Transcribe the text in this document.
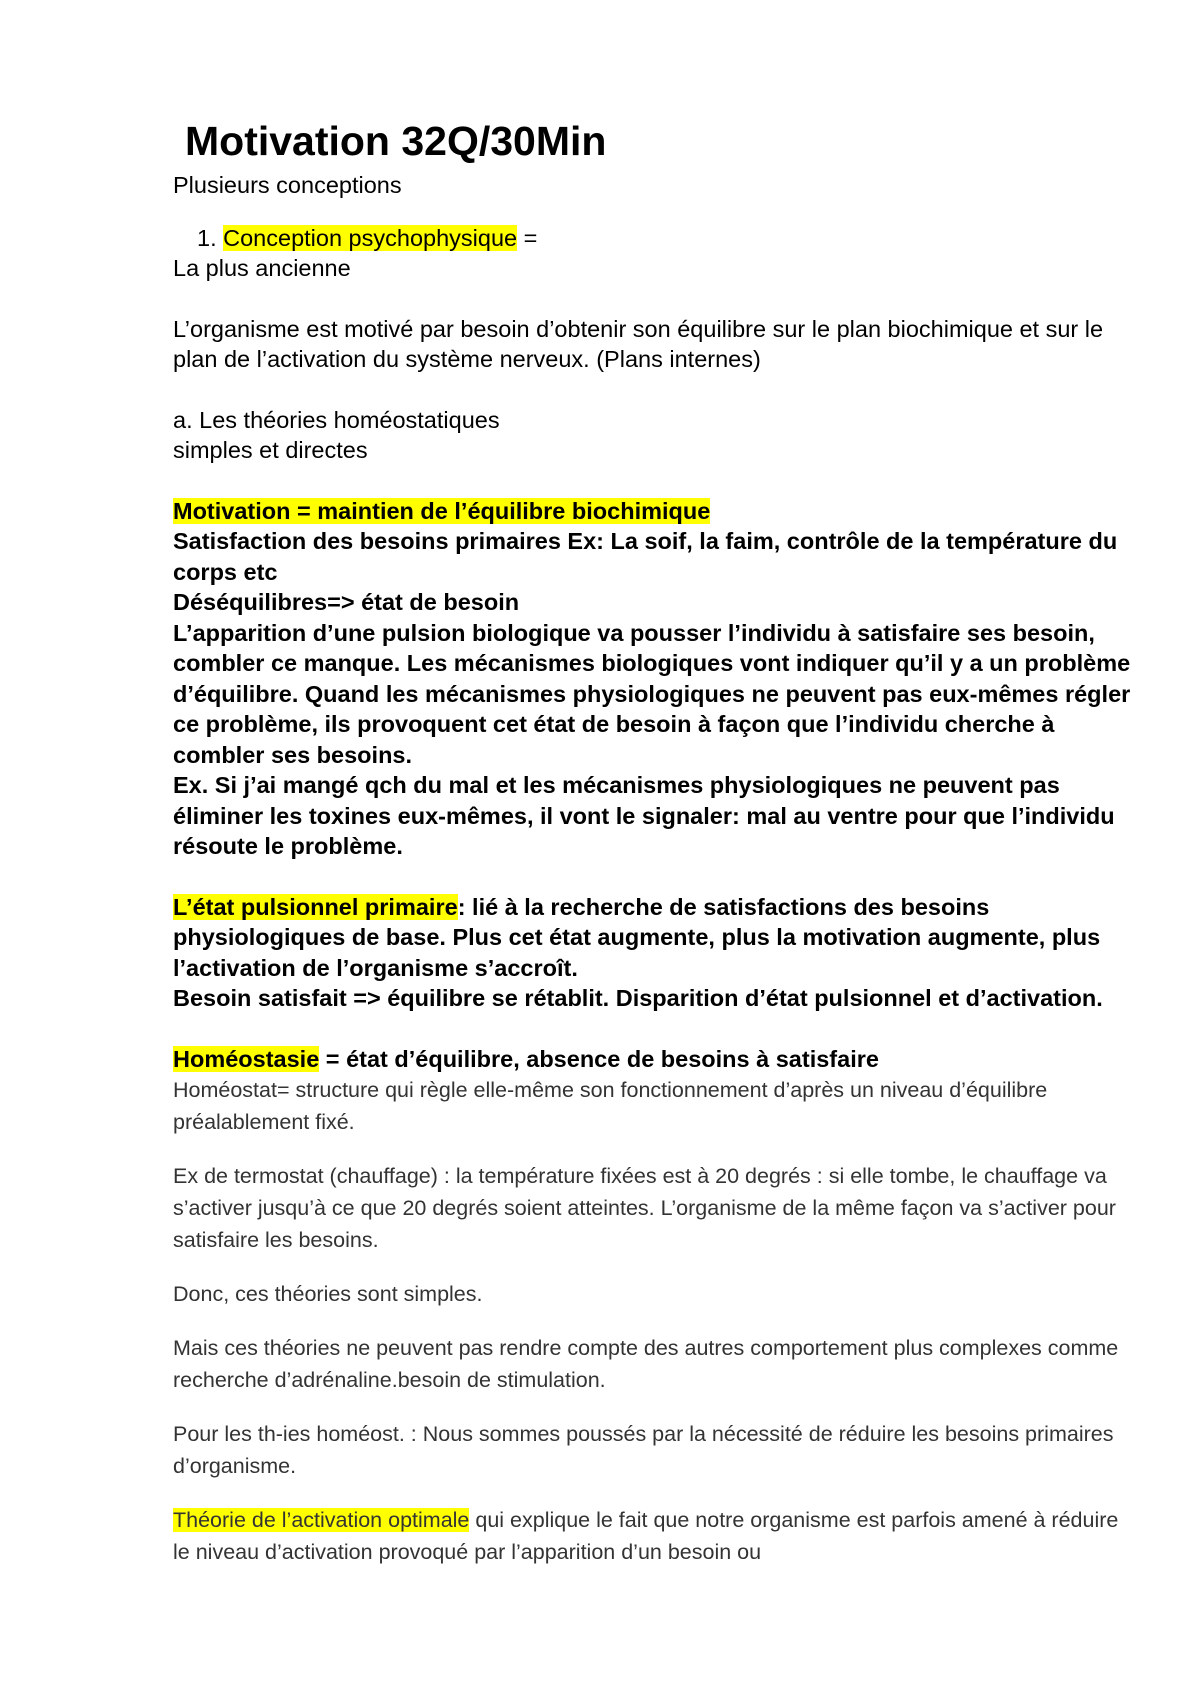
Motivation 32Q/30Min

Plusieurs conceptions

1. Conception psychophysique =

La plus ancienne

L’organisme est motivé par besoin d’obtenir son équilibre sur le plan biochimique et sur le plan de l’activation du système nerveux. (Plans internes)

a. Les théories homéostatiques

simples et directes

Motivation = maintien de l’équilibre biochimique

Satisfaction des besoins primaires Ex: La soif, la faim, contrôle de la température du corps etc

Déséquilibres=> état de besoin

L’apparition d’une pulsion biologique va pousser l’individu à satisfaire ses besoin, combler ce manque. Les mécanismes biologiques vont indiquer qu’il y a un problème d’équilibre. Quand les mécanismes physiologiques ne peuvent pas eux-mêmes régler ce problème, ils provoquent cet état de besoin à façon que l’individu cherche à combler ses besoins.

Ex. Si j’ai mangé qch du mal et les mécanismes physiologiques ne peuvent pas éliminer les toxines eux-mêmes, il vont le signaler: mal au ventre pour que l’individu résoute le problème.

L’état pulsionnel primaire: lié à la recherche de satisfactions des besoins physiologiques de base. Plus cet état augmente, plus la motivation augmente, plus l’activation de l’organisme s’accroît.

Besoin satisfait => équilibre se rétablit. Disparition d’état pulsionnel et d’activation.

Homéostasie = état d’équilibre, absence de besoins à satisfaire

Homéostat= structure qui règle elle-même son fonctionnement d’après un niveau d’équilibre préalablement fixé.

Ex de termostat (chauffage) : la température fixées est à 20 degrés : si elle tombe, le chauffage va s’activer jusqu’à ce que 20 degrés soient atteintes. L’organisme de la même façon va s’activer pour satisfaire les besoins.

Donc, ces théories sont simples.

Mais ces théories ne peuvent pas rendre compte des autres comportement plus complexes comme recherche d’adrénaline.besoin de stimulation.

Pour les th-ies homéost. : Nous sommes poussés par la nécessité de réduire les besoins primaires d’organisme.

Théorie de l’activation optimale qui explique le fait que notre organisme est parfois amené à réduire le niveau d’activation provoqué par l’apparition d’un besoin ou
